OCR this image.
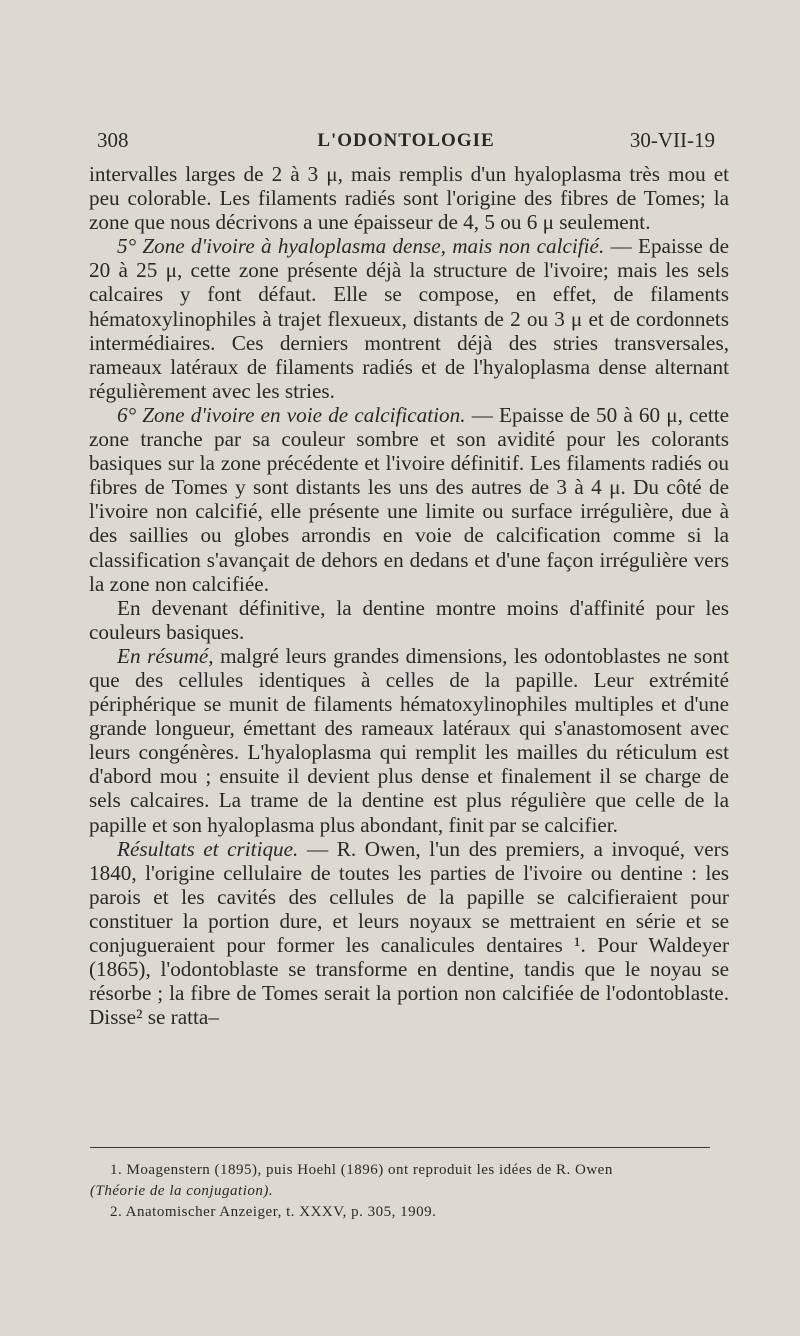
308	L'ODONTOLOGIE	30-VII-19

intervalles larges de 2 à 3 μ, mais remplis d'un hyaloplasma très mou et peu colorable. Les filaments radiés sont l'origine des fibres de Tomes; la zone que nous décrivons a une épaisseur de 4, 5 ou 6 μ seulement.

5° Zone d'ivoire à hyaloplasma dense, mais non calcifié. — Epaisse de 20 à 25 μ, cette zone présente déjà la structure de l'ivoire; mais les sels calcaires y font défaut. Elle se compose, en effet, de filaments hématoxylinophiles à trajet flexueux, distants de 2 ou 3 μ et de cordonnets intermédiaires. Ces derniers montrent déjà des stries transversales, rameaux latéraux de filaments radiés et de l'hyaloplasma dense alternant régulièrement avec les stries.

6° Zone d'ivoire en voie de calcification. — Epaisse de 50 à 60 μ, cette zone tranche par sa couleur sombre et son avidité pour les colorants basiques sur la zone précédente et l'ivoire définitif. Les filaments radiés ou fibres de Tomes y sont distants les uns des autres de 3 à 4 μ. Du côté de l'ivoire non calcifié, elle présente une limite ou surface irrégulière, due à des saillies ou globes arrondis en voie de calcification comme si la classification s'avançait de dehors en dedans et d'une façon irrégulière vers la zone non calcifiée.

En devenant définitive, la dentine montre moins d'affinité pour les couleurs basiques.

En résumé, malgré leurs grandes dimensions, les odontoblastes ne sont que des cellules identiques à celles de la papille. Leur extrémité périphérique se munit de filaments hématoxylinophiles multiples et d'une grande longueur, émettant des rameaux latéraux qui s'anastomosent avec leurs congénères. L'hyaloplasma qui remplit les mailles du réticulum est d'abord mou ; ensuite il devient plus dense et finalement il se charge de sels calcaires. La trame de la dentine est plus régulière que celle de la papille et son hyaloplasma plus abondant, finit par se calcifier.

Résultats et critique. — R. Owen, l'un des premiers, a invoqué, vers 1840, l'origine cellulaire de toutes les parties de l'ivoire ou dentine : les parois et les cavités des cellules de la papille se calcifieraient pour constituer la portion dure, et leurs noyaux se mettraient en série et se conjugueraient pour former les canalicules dentaires ¹. Pour Waldeyer (1865), l'odontoblaste se transforme en dentine, tandis que le noyau se résorbe ; la fibre de Tomes serait la portion non calcifiée de l'odontoblaste. Disse² se ratta–

1. Moagenstern (1895), puis Hoehl (1896) ont reproduit les idées de R. Owen

(Théorie de la conjugation).

2. Anatomischer Anzeiger, t. XXXV, p. 305, 1909.
